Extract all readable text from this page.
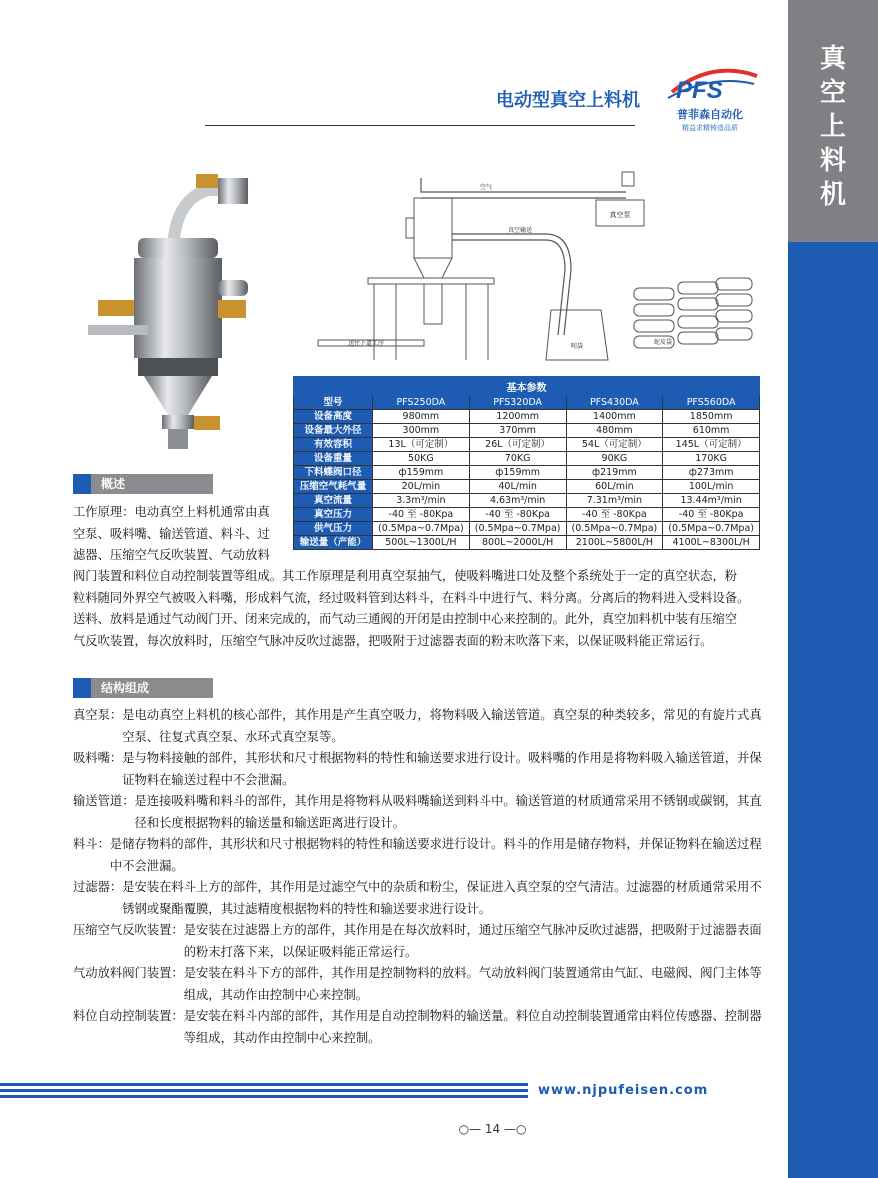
真
空
上
料
机
电动型真空上料机 PFS
普菲森自动化
精益求精铸造品质
真空泵
空气
真空输送
送往下道工序	吨袋
蛇皮袋
基本参数				
型号	PFS250DA	PFS320DA	PFS430DA	PFS560DA
设备高度	980mm	1200mm	1400mm	1850mm
设备最大外径	300mm	370mm	480mm	610mm
有效容积	13L（可定制）	26L（可定制）	54L（可定制）	145L（可定制）
设备重量	50KG	70KG	90KG	170KG
下料蝶阀口径	ф159mm	ф159mm	ф219mm	ф273mm
压缩空气耗气量	20L/min	40L/min	60L/min	100L/min
真空流量	3.3m³/min	4.63m³/min	7.31m³/min	13.44m³/min
真空压力	-40 至 -80Kpa	-40 至 -80Kpa	-40 至 -80Kpa	-40 至 -80Kpa
供气压力	(0.5Mpa~0.7Mpa)	(0.5Mpa~0.7Mpa)	(0.5Mpa~0.7Mpa)	(0.5Mpa~0.7Mpa)
输送量（产能）	500L~1300L/H	800L~2000L/H	2100L~5800L/H	4100L~8300L/H
概述
工作原理：电动真空上料机通常由真
空泵、吸料嘴、输送管道、料斗、过
滤器、压缩空气反吹装置、气动放料
阀门装置和料位自动控制装置等组成。其工作原理是利用真空泵抽气，使吸料嘴进口处及整个系统处于一定的真空状态，粉
粒料随同外界空气被吸入料嘴，形成料气流，经过吸料管到达料斗，在料斗中进行气、料分离。分离后的物料进入受料设备。
送料、放料是通过气动阀门开、闭来完成的，而气动三通阀的开闭是由控制中心来控制的。此外，真空加料机中装有压缩空
气反吹装置，每次放料时，压缩空气脉冲反吹过滤器，把吸附于过滤器表面的粉末吹落下来，以保证吸料能正常运行。
结构组成
真空泵： 是电动真空上料机的核心部件，其作用是产生真空吸力，将物料吸入输送管道。真空泵的种类较多，常见的有旋片式真空泵、往复式真空泵、水环式真空泵等。
吸料嘴： 是与物料接触的部件，其形状和尺寸根据物料的特性和输送要求进行设计。吸料嘴的作用是将物料吸入输送管道，并保证物料在输送过程中不会泄漏。
输送管道： 是连接吸料嘴和料斗的部件，其作用是将物料从吸料嘴输送到料斗中。输送管道的材质通常采用不锈钢或碳钢，其直径和长度根据物料的输送量和输送距离进行设计。
料斗： 是储存物料的部件，其形状和尺寸根据物料的特性和输送要求进行设计。料斗的作用是储存物料，并保证物料在输送过程中不会泄漏。
过滤器： 是安装在料斗上方的部件，其作用是过滤空气中的杂质和粉尘，保证进入真空泵的空气清洁。过滤器的材质通常采用不锈钢或聚酯覆膜，其过滤精度根据物料的特性和输送要求进行设计。
压缩空气反吹装置： 是安装在过滤器上方的部件，其作用是在每次放料时，通过压缩空气脉冲反吹过滤器，把吸附于过滤器表面的粉末打落下来，以保证吸料能正常运行。
气动放料阀门装置： 是安装在料斗下方的部件，其作用是控制物料的放料。气动放料阀门装置通常由气缸、电磁阀、阀门主体等组成，其动作由控制中心来控制。
料位自动控制装置： 是安装在料斗内部的部件，其作用是自动控制物料的输送量。料位自动控制装置通常由料位传感器、控制器等组成，其动作由控制中心来控制。
www.njpufeisen.com
○— 14 —○
